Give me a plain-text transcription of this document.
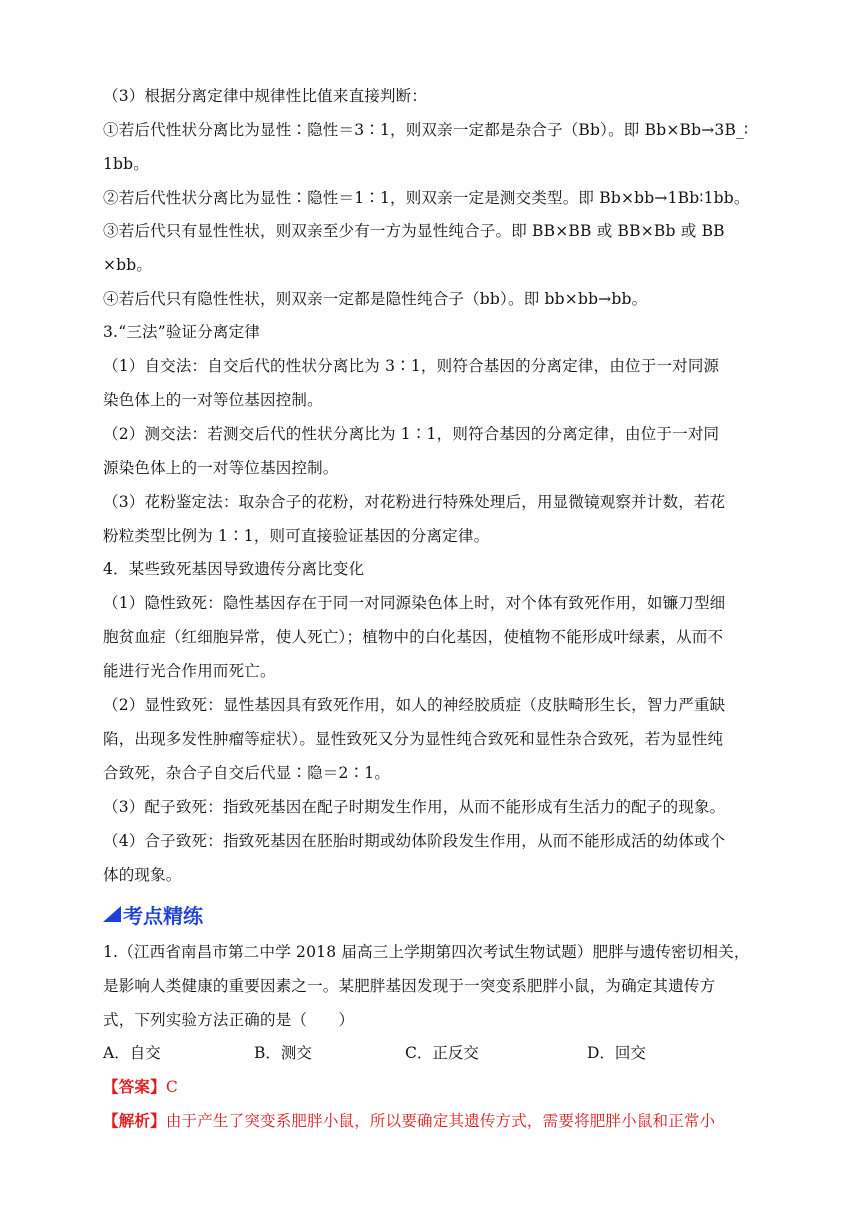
（3）根据分离定律中规律性比值来直接判断：
①若后代性状分离比为显性∶隐性＝3∶1，则双亲一定都是杂合子（Bb）。即 Bb×Bb→3B_∶
1bb。
②若后代性状分离比为显性∶隐性＝1∶1，则双亲一定是测交类型。即 Bb×bb→1Bb∶1bb。
③若后代只有显性性状，则双亲至少有一方为显性纯合子。即 BB×BB 或 BB×Bb 或 BB
×bb。
④若后代只有隐性性状，则双亲一定都是隐性纯合子（bb）。即 bb×bb→bb。
3.“三法”验证分离定律
（1）自交法：自交后代的性状分离比为 3∶1，则符合基因的分离定律，由位于一对同源
染色体上的一对等位基因控制。
（2）测交法：若测交后代的性状分离比为 1∶1，则符合基因的分离定律，由位于一对同
源染色体上的一对等位基因控制。
（3）花粉鉴定法：取杂合子的花粉，对花粉进行特殊处理后，用显微镜观察并计数，若花
粉粒类型比例为 1∶1，则可直接验证基因的分离定律。
4．某些致死基因导致遗传分离比变化
（1）隐性致死：隐性基因存在于同一对同源染色体上时，对个体有致死作用，如镰刀型细
胞贫血症（红细胞异常，使人死亡）；植物中的白化基因，使植物不能形成叶绿素，从而不
能进行光合作用而死亡。
（2）显性致死：显性基因具有致死作用，如人的神经胶质症（皮肤畸形生长，智力严重缺
陷，出现多发性肿瘤等症状）。显性致死又分为显性纯合致死和显性杂合致死，若为显性纯
合致死，杂合子自交后代显∶隐＝2∶1。
（3）配子致死：指致死基因在配子时期发生作用，从而不能形成有生活力的配子的现象。
（4）合子致死：指致死基因在胚胎时期或幼体阶段发生作用，从而不能形成活的幼体或个
体的现象。
考点精练
1.（江西省南昌市第二中学 2018 届高三上学期第四次考试生物试题）肥胖与遗传密切相关，
是影响人类健康的重要因素之一。某肥胖基因发现于一突变系肥胖小鼠，为确定其遗传方
式，下列实验方法正确的是（　　）
A．自交	B．测交	C．正反交	D．回交
【答案】C
【解析】由于产生了突变系肥胖小鼠，所以要确定其遗传方式，需要将肥胖小鼠和正常小
